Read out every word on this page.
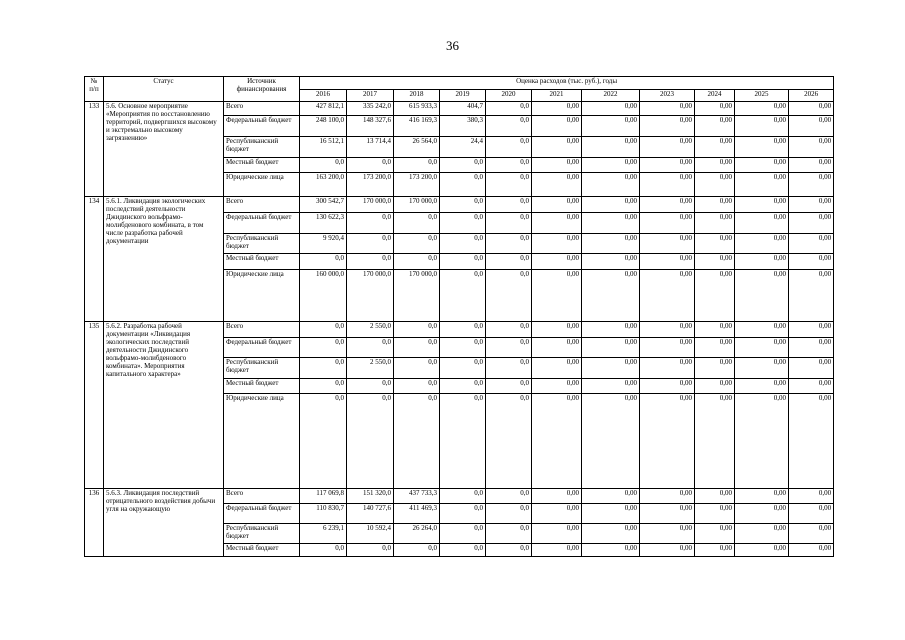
36
№ п/п	Статус	Источник финансирования	Оценка расходов (тыс. руб.), годы										
			2016	2017	2018	2019	2020	2021	2022	2023	2024	2025	2026
133	5.6. Основное мероприятие «Мероприятия по восстановлению территорий, подвергшихся высокому и экстремально высокому загрязнению»	Всего	427 812,1	335 242,0	615 933,3	404,7	0,0	0,00	0,00	0,00	0,00	0,00	0,00
		Федеральный бюджет	248 100,0	148 327,6	416 169,3	380,3	0,0	0,00	0,00	0,00	0,00	0,00	0,00
		Республиканский бюджет	16 512,1	13 714,4	26 564,0	24,4	0,0	0,00	0,00	0,00	0,00	0,00	0,00
		Местный бюджет	0,0	0,0	0,0	0,0	0,0	0,00	0,00	0,00	0,00	0,00	0,00
		Юридические лица	163 200,0	173 200,0	173 200,0	0,0	0,0	0,00	0,00	0,00	0,00	0,00	0,00
134	5.6.1. Ликвидация экологических последствий деятельности Джидинского вольфрамо-молибденового комбината, в том числе разработка рабочей документации	Всего	300 542,7	170 000,0	170 000,0	0,0	0,0	0,00	0,00	0,00	0,00	0,00	0,00
		Федеральный бюджет	130 622,3	0,0	0,0	0,0	0,0	0,00	0,00	0,00	0,00	0,00	0,00
		Республиканский бюджет	9 920,4	0,0	0,0	0,0	0,0	0,00	0,00	0,00	0,00	0,00	0,00
		Местный бюджет	0,0	0,0	0,0	0,0	0,0	0,00	0,00	0,00	0,00	0,00	0,00
		Юридические лица	160 000,0	170 000,0	170 000,0	0,0	0,0	0,00	0,00	0,00	0,00	0,00	0,00
135	5.6.2. Разработка рабочей документации «Ликвидация экологических последствий деятельности Джидинского вольфрамо-молибденового комбината». Мероприятия капитального характера»	Всего	0,0	2 550,0	0,0	0,0	0,0	0,00	0,00	0,00	0,00	0,00	0,00
		Федеральный бюджет	0,0	0,0	0,0	0,0	0,0	0,00	0,00	0,00	0,00	0,00	0,00
		Республиканский бюджет	0,0	2 550,0	0,0	0,0	0,0	0,00	0,00	0,00	0,00	0,00	0,00
		Местный бюджет	0,0	0,0	0,0	0,0	0,0	0,00	0,00	0,00	0,00	0,00	0,00
		Юридические лица	0,0	0,0	0,0	0,0	0,0	0,00	0,00	0,00	0,00	0,00	0,00
136	5.6.3. Ликвидация последствий отрицательного воздействия добычи угля на окружающую	Всего	117 069,8	151 320,0	437 733,3	0,0	0,0	0,00	0,00	0,00	0,00	0,00	0,00
		Федеральный бюджет	110 830,7	140 727,6	411 469,3	0,0	0,0	0,00	0,00	0,00	0,00	0,00	0,00
		Республиканский бюджет	6 239,1	10 592,4	26 264,0	0,0	0,0	0,00	0,00	0,00	0,00	0,00	0,00
		Местный бюджет	0,0	0,0	0,0	0,0	0,0	0,00	0,00	0,00	0,00	0,00	0,00
